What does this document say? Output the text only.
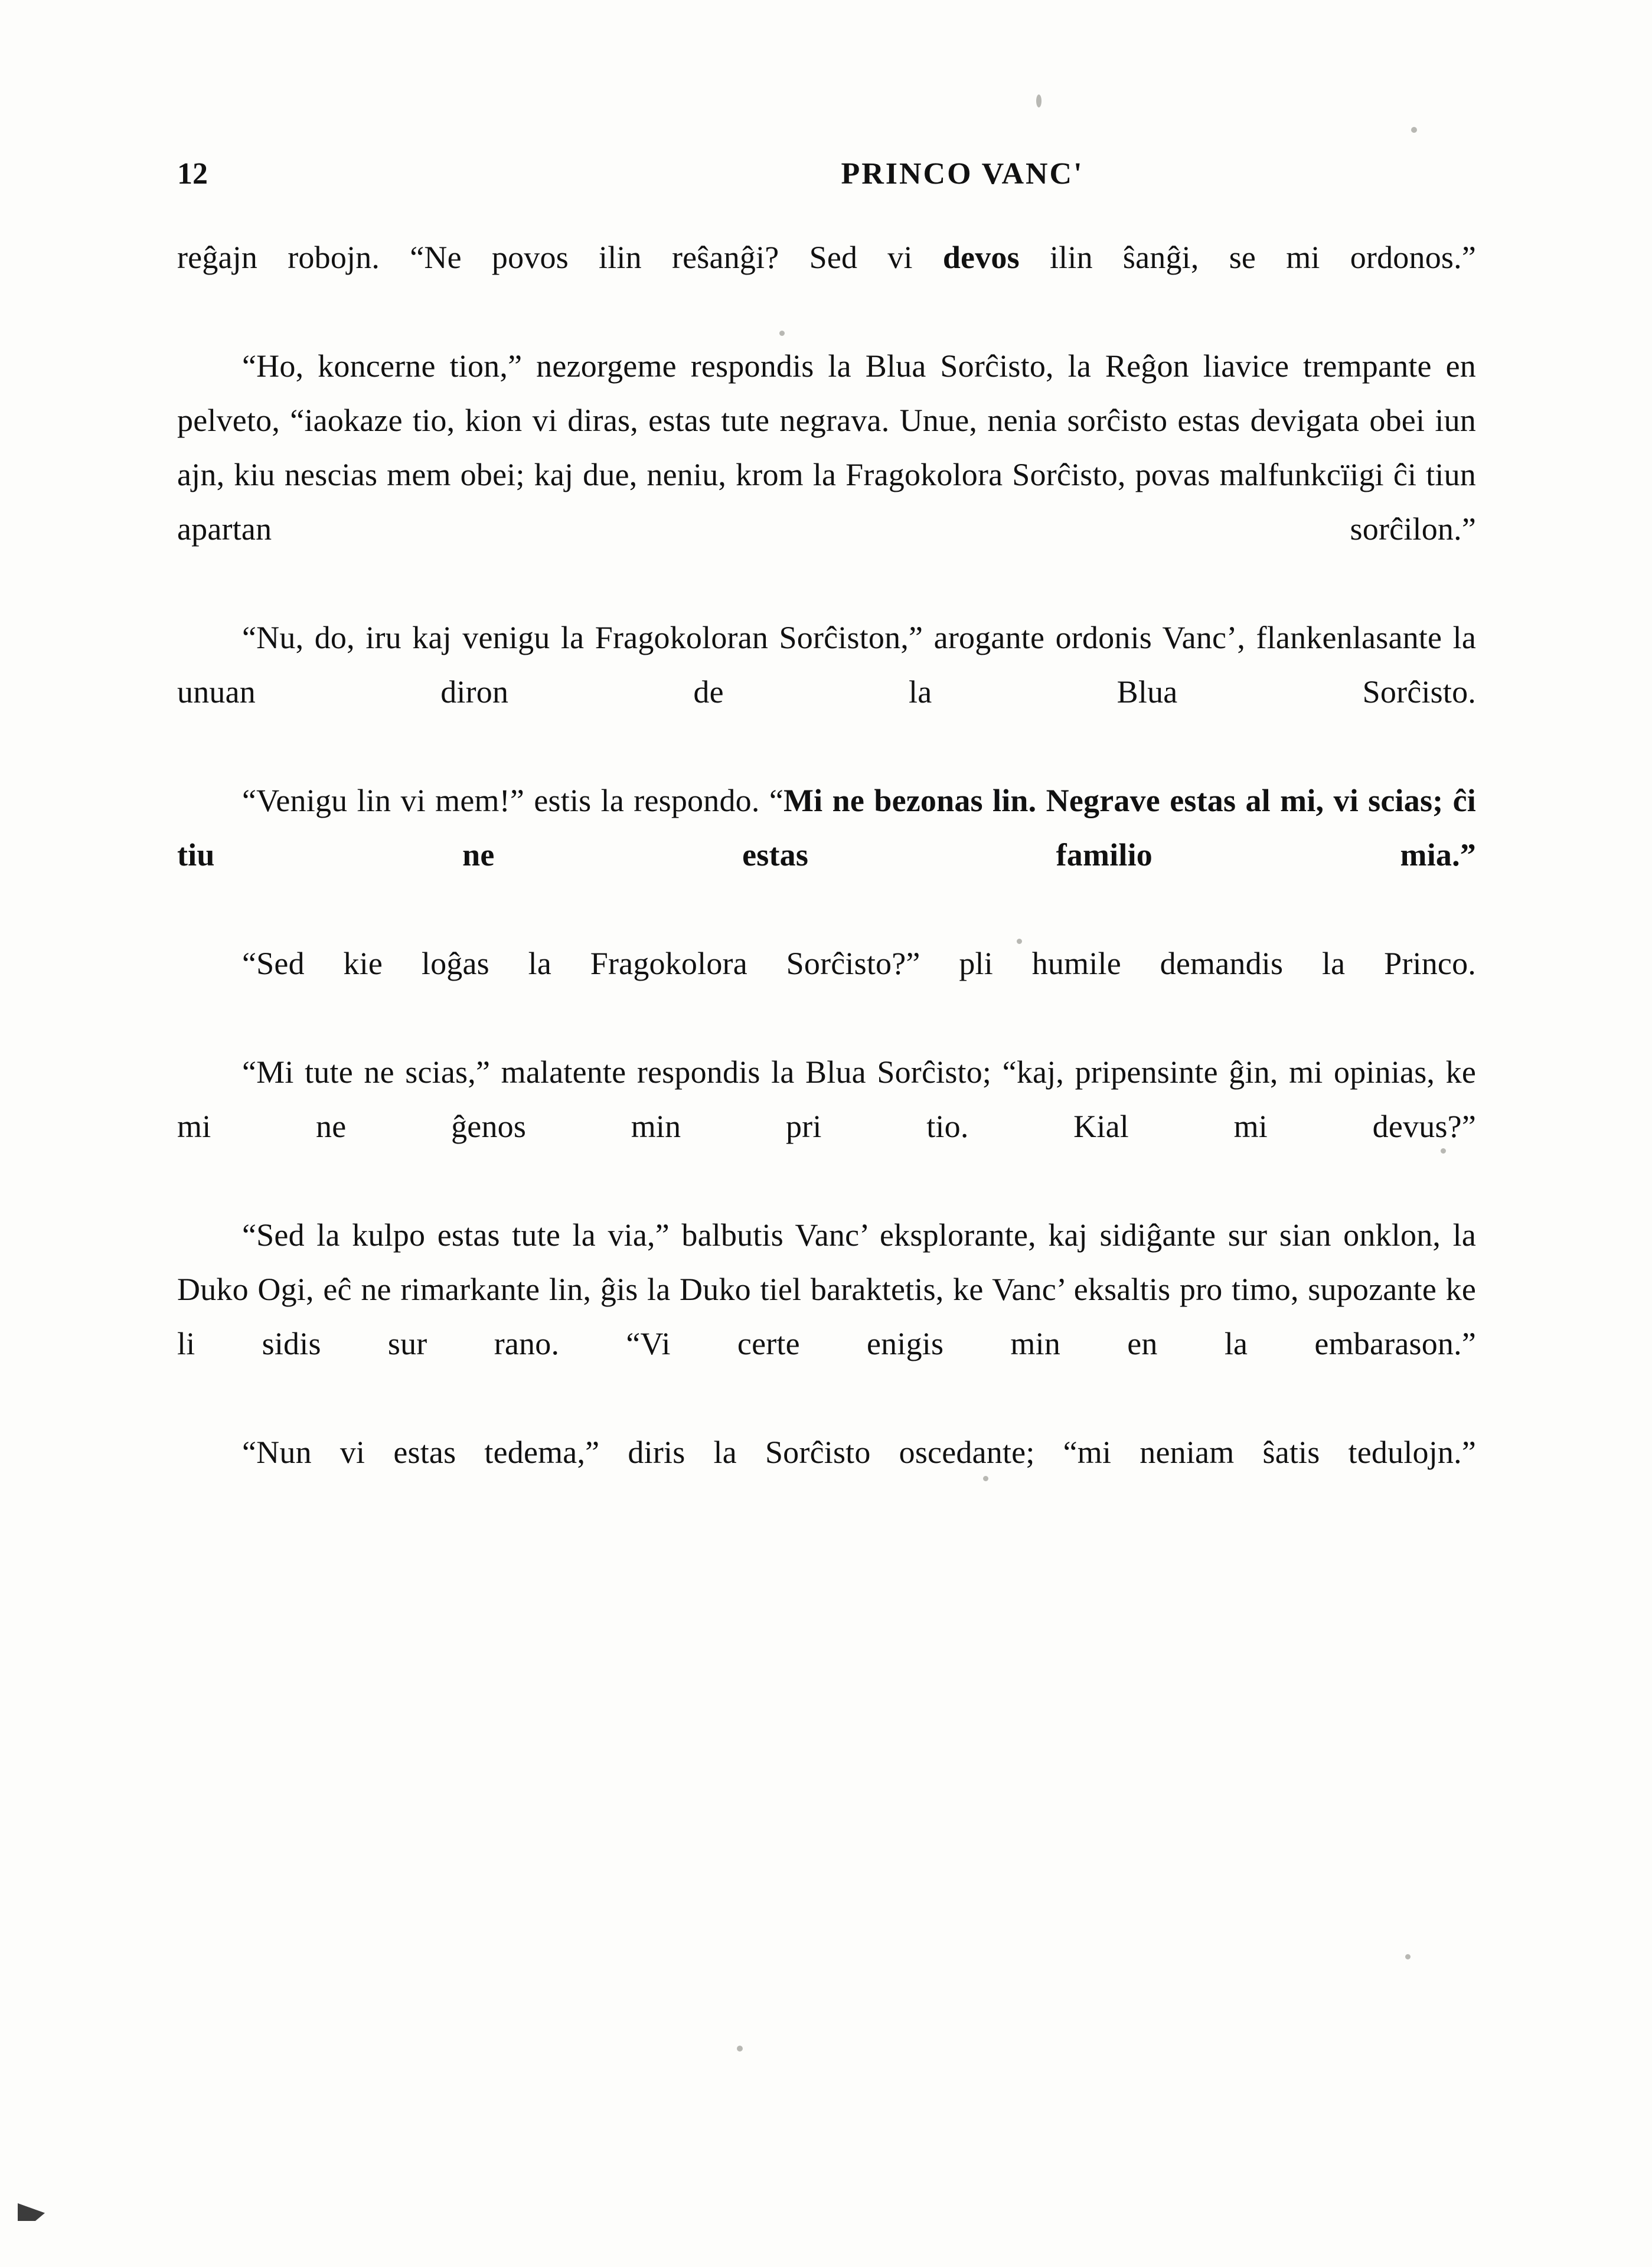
12	PRINCO VANC'

reĝajn robojn. “Ne povos ilin reŝanĝi? Sed vi devos ilin ŝanĝi, se mi ordonos.”

“Ho, koncerne tion,” nezorgeme respondis la Blua Sorĉisto, la Reĝon liavice trempante en pelveto, “iaokaze tio, kion vi diras, estas tute negrava. Unue, nenia sorĉisto estas devigata obei iun ajn, kiu nescias mem obei; kaj due, neniu, krom la Fragokolora Sorĉisto, povas malfunkcïigi ĉi tiun apartan sorĉilon.”

“Nu, do, iru kaj venigu la Fragokoloran Sorĉiston,” arogante ordonis Vanc’, flankenlasante la unuan diron de la Blua Sorĉisto.

“Venigu lin vi mem!” estis la respondo. “Mi ne bezonas lin. Negrave estas al mi, vi scias; ĉi tiu ne estas familio mia.”

“Sed kie loĝas la Fragokolora Sorĉisto?” pli humile demandis la Princo.

“Mi tute ne scias,” malatente respondis la Blua Sorĉisto; “kaj, pripensinte ĝin, mi opinias, ke mi ne ĝenos min pri tio. Kial mi devus?”

“Sed la kulpo estas tute la via,” balbutis Vanc’ eksplorante, kaj sidiĝante sur sian onklon, la Duko Ogi, eĉ ne rimarkante lin, ĝis la Duko tiel baraktetis, ke Vanc’ eksaltis pro timo, supozante ke li sidis sur rano. “Vi certe enigis min en la embarason.”

“Nun vi estas tedema,” diris la Sorĉisto oscedante; “mi neniam ŝatis tedulojn.”
